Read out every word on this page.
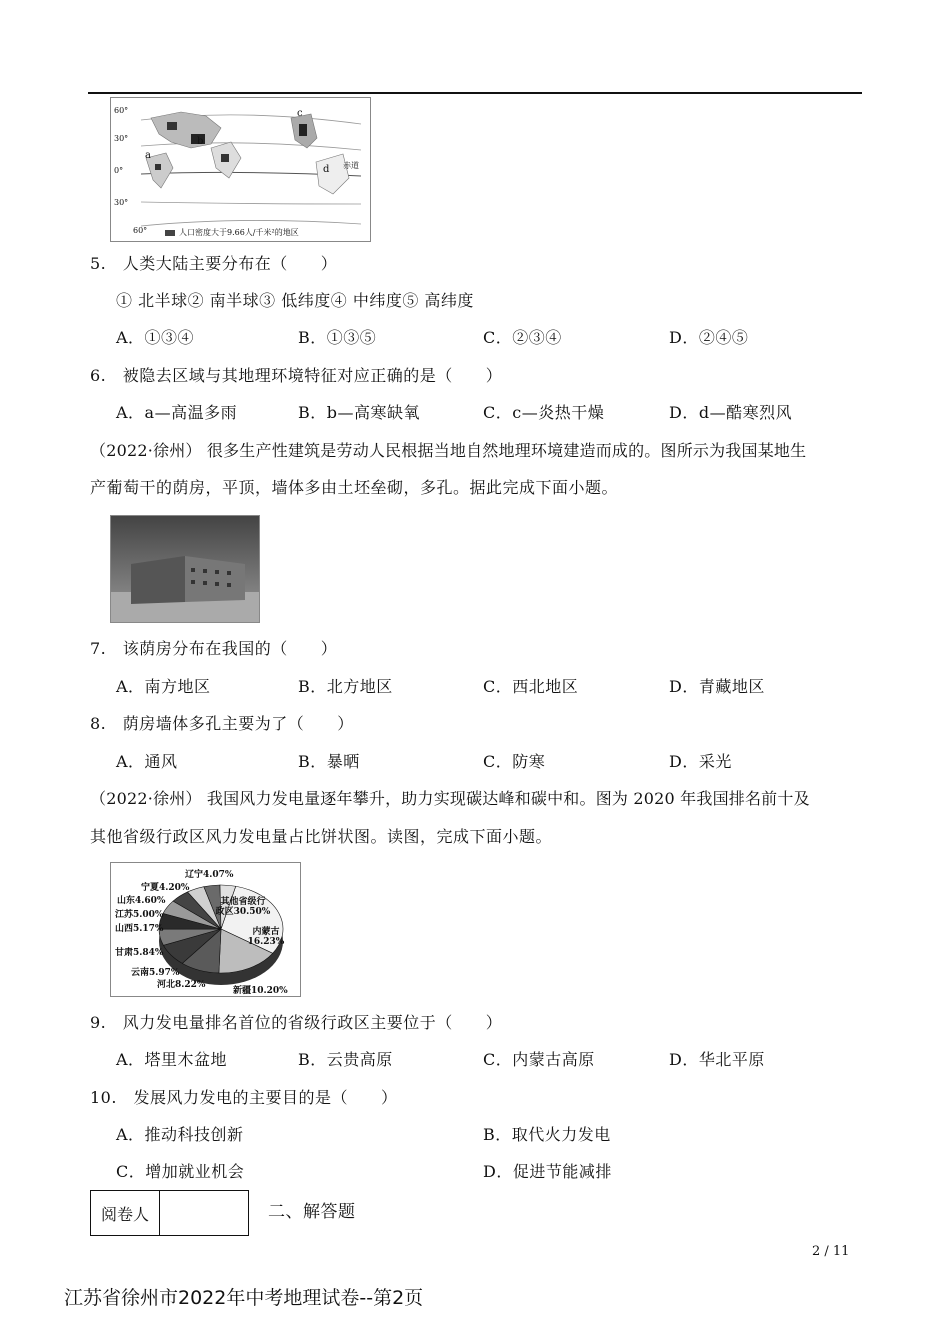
60°
30°
0°
30°
60°
a
b
c
d 赤道
人口密度大于9.66人/千米²的地区
5.　人类大陆主要分布在（　　）
① 北半球② 南半球③ 低纬度④ 中纬度⑤ 高纬度
A．①③④	B．①③⑤	C．②③④	D．②④⑤
6.　被隐去区域与其地理环境特征对应正确的是（　　）
A．a—高温多雨	B．b—高寒缺氧	C．c—炎热干燥	D．d—酷寒烈风
（2022·徐州） 很多生产性建筑是劳动人民根据当地自然地理环境建造而成的。图所示为我国某地生
产葡萄干的荫房，平顶，墙体多由土坯垒砌，多孔。据此完成下面小题。
7.　该荫房分布在我国的（　　）
A．南方地区	B．北方地区	C．西北地区	D．青藏地区
8.　荫房墙体多孔主要为了（　　）
A．通风	B．暴晒	C．防寒	D．采光
（2022·徐州） 我国风力发电量逐年攀升，助力实现碳达峰和碳中和。图为 2020 年我国排名前十及
其他省级行政区风力发电量占比饼状图。读图，完成下面小题。
其他省级行
政区30.50%
内蒙古
16.23%
新疆10.20%
河北8.22%
云南5.97%
甘肃5.84%
山西5.17%
江苏5.00%
山东4.60%
宁夏4.20%
辽宁4.07%
9.　风力发电量排名首位的省级行政区主要位于（　　）
A．塔里木盆地	B．云贵高原	C．内蒙古高原	D．华北平原
10.　发展风力发电的主要目的是（　　）
A．推动科技创新	B．取代火力发电
C．增加就业机会	D．促进节能减排
阅卷人		二、解答题
2 / 11
江苏省徐州市2022年中考地理试卷--第2页
